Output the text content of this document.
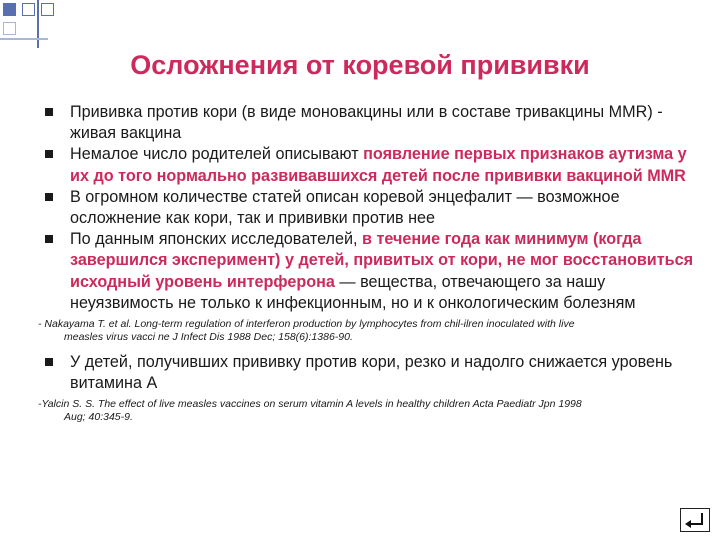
Осложнения от коревой прививки
Прививка против кори (в виде моновакцины или в составе тривакцины MMR) - живая вакцина
Немалое число родителей описывают появление первых признаков аутизма у их до того нормально развивавшихся детей после прививки вакциной MMR
В огромном количестве статей описан коревой энцефалит — возможное осложнение как кори, так и прививки против нее
По данным японских исследователей, в течение года как минимум (когда завершился эксперимент) у детей, привитых от кори, не мог восстановиться исходный уровень интерферона — вещества, отвечающего за нашу неуязвимость не только к инфекционным, но и к онкологическим болезням
- Nakayama T. et al. Long-term regulation of interferon production by lymphocytes from chil-ilren inoculated with live
measles virus vacci ne J Infect Dis 1988 Dec; 158(6):1386-90.
У детей, получивших прививку против кори, резко и надолго снижается уровень витамина А
-Yalcin S. S. The effect of live measles vaccines on serum vitamin A levels in healthy children Acta Paediatr Jpn 1998
Aug; 40:345-9.
